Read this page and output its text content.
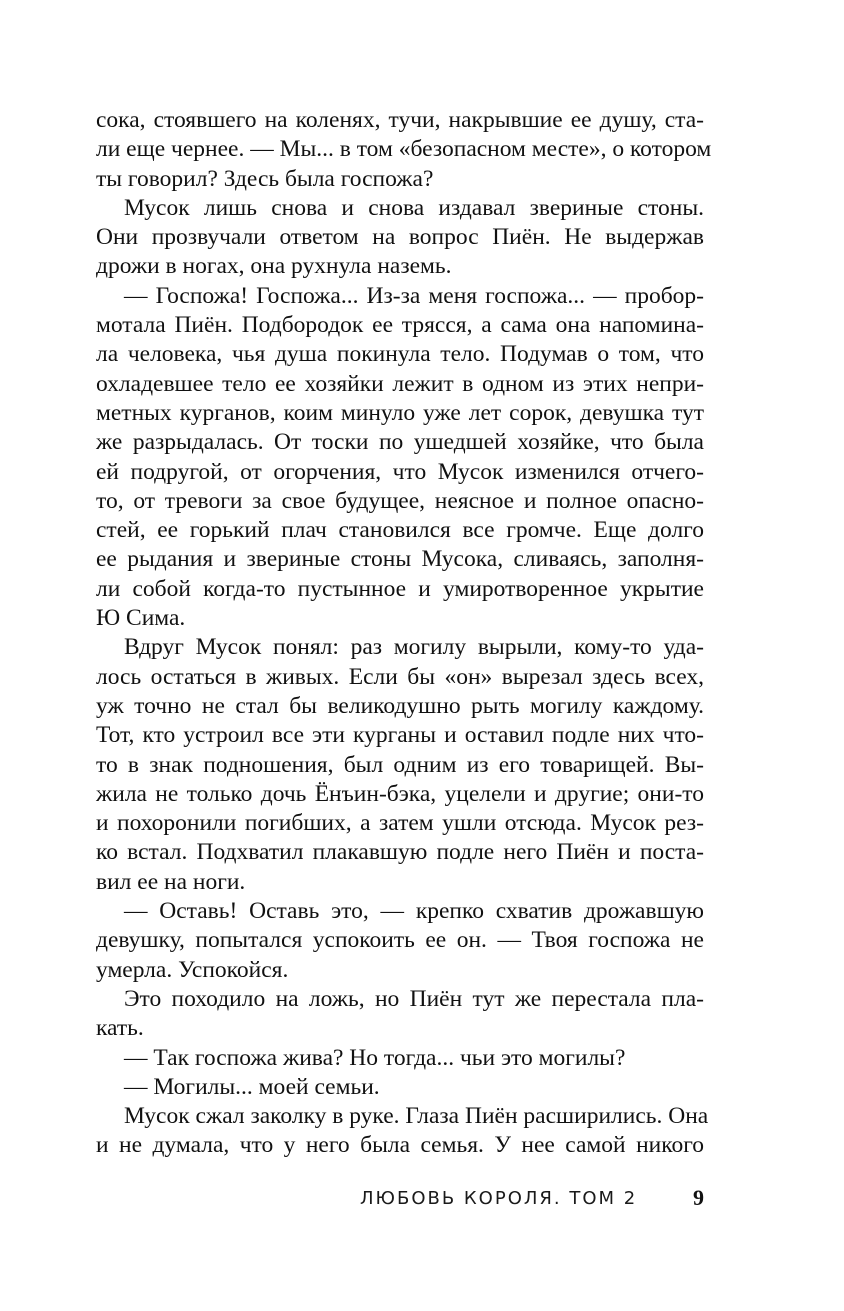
сока, стоявшего на коленях, тучи, накрывшие ее душу, ста-
ли еще чернее. — Мы... в том «безопасном месте», о котором
ты говорил? Здесь была госпожа?
Мусок лишь снова и снова издавал звериные стоны.
Они прозвучали ответом на вопрос Пиён. Не выдержав
дрожи в ногах, она рухнула наземь.
— Госпожа! Госпожа... Из-за меня госпожа... — пробор-
мотала Пиён. Подбородок ее трясся, а сама она напомина-
ла человека, чья душа покинула тело. Подумав о том, что
охладевшее тело ее хозяйки лежит в одном из этих непри-
метных курганов, коим минуло уже лет сорок, девушка тут
же разрыдалась. От тоски по ушедшей хозяйке, что была
ей подругой, от огорчения, что Мусок изменился отчего-
то, от тревоги за свое будущее, неясное и полное опасно-
стей, ее горький плач становился все громче. Еще долго
ее рыдания и звериные стоны Мусока, сливаясь, заполня-
ли собой когда-то пустынное и умиротворенное укрытие
Ю Сима.
Вдруг Мусок понял: раз могилу вырыли, кому-то уда-
лось остаться в живых. Если бы «он» вырезал здесь всех,
уж точно не стал бы великодушно рыть могилу каждому.
Тот, кто устроил все эти курганы и оставил подле них что-
то в знак подношения, был одним из его товарищей. Вы-
жила не только дочь Ёнъин-бэка, уцелели и другие; они-то
и похоронили погибших, а затем ушли отсюда. Мусок рез-
ко встал. Подхватил плакавшую подле него Пиён и поста-
вил ее на ноги.
— Оставь! Оставь это, — крепко схватив дрожавшую
девушку, попытался успокоить ее он. — Твоя госпожа не
умерла. Успокойся.
Это походило на ложь, но Пиён тут же перестала пла-
кать.
— Так госпожа жива? Но тогда... чьи это могилы?
— Могилы... моей семьи.
Мусок сжал заколку в руке. Глаза Пиён расширились. Она
и не думала, что у него была семья. У нее самой никого
ЛЮБОВЬ КОРОЛЯ. ТОМ 2	9
